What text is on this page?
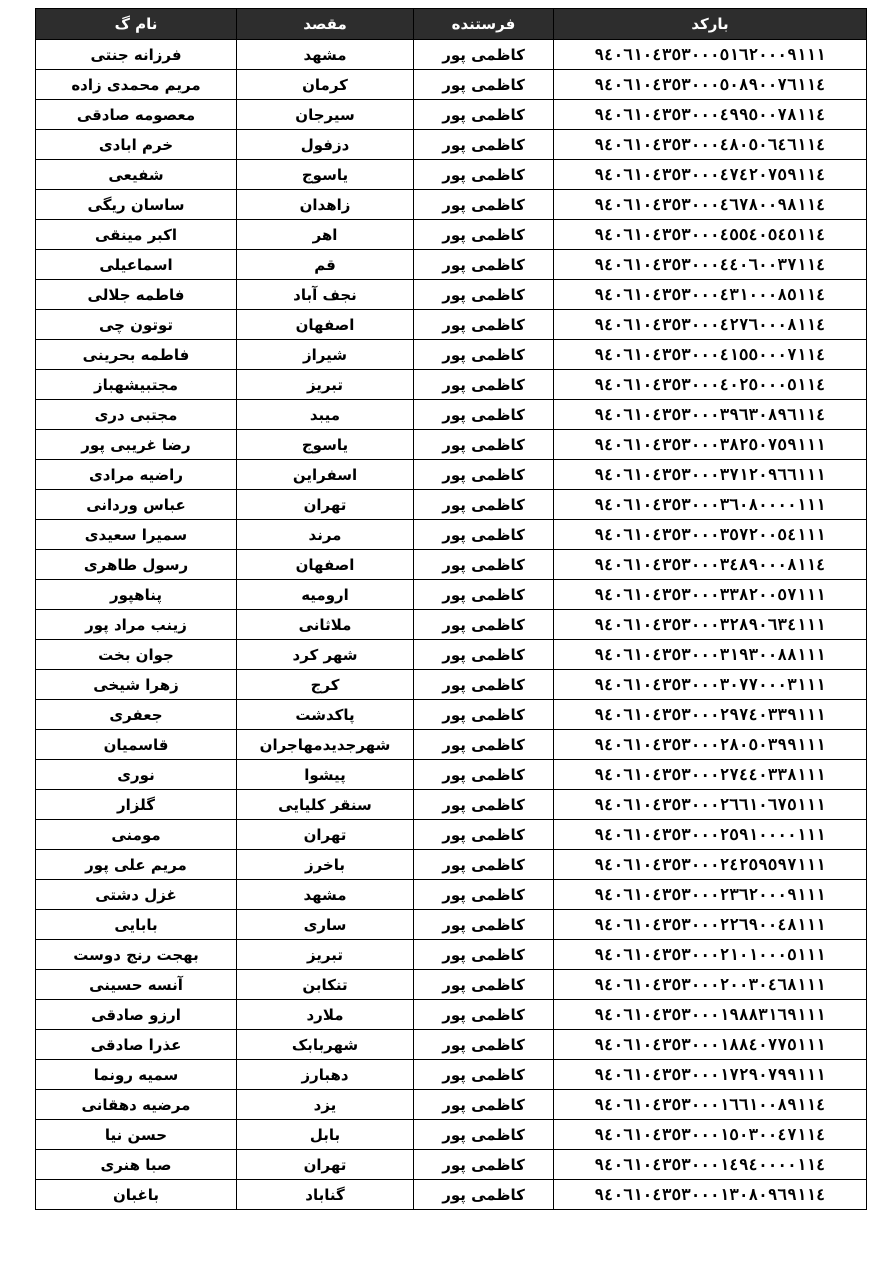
بارکد	فرستنده	مقصد	نام گ
۹٤۰٦۱۰٤۳٥۳۰۰۰٥۱٦۲۰۰۰۹۱۱۱	کاظمی پور	مشهد	فرزانه جنتی
۹٤۰٦۱۰٤۳٥۳۰۰۰٥۰۸۹۰۰۷٦۱۱٤	کاظمی پور	کرمان	مریم محمدی زاده
۹٤۰٦۱۰٤۳٥۳۰۰۰٤۹۹٥۰۰۷۸۱۱٤	کاظمی پور	سیرجان	معصومه صادقی
۹٤۰٦۱۰٤۳٥۳۰۰۰٤۸۰٥۰٦٤٦۱۱٤	کاظمی پور	دزفول	خرم ابادی
۹٤۰٦۱۰٤۳٥۳۰۰۰٤۷٤۲۰۷٥۹۱۱٤	کاظمی پور	یاسوج	شفیعی
۹٤۰٦۱۰٤۳٥۳۰۰۰٤٦۷۸۰۰۹۸۱۱٤	کاظمی پور	زاهدان	ساسان ریگی
۹٤۰٦۱۰٤۳٥۳۰۰۰٤٥٥٤۰٥٤٥۱۱٤	کاظمی پور	اهر	اکبر مینقی
۹٤۰٦۱۰٤۳٥۳۰۰۰٤٤۰٦۰۰۳۷۱۱٤	کاظمی پور	قم	اسماعیلی
۹٤۰٦۱۰٤۳٥۳۰۰۰٤۳۱۰۰۰۸٥۱۱٤	کاظمی پور	نجف آباد	فاطمه جلالی
۹٤۰٦۱۰٤۳٥۳۰۰۰٤۲۷٦۰۰۰۸۱۱٤	کاظمی پور	اصفهان	توتون چی
۹٤۰٦۱۰٤۳٥۳۰۰۰٤۱٥٥۰۰۰۷۱۱٤	کاظمی پور	شیراز	فاطمه بحرینی
۹٤۰٦۱۰٤۳٥۳۰۰۰٤۰۲٥۰۰۰٥۱۱٤	کاظمی پور	تبریز	مجتبیشهباز
۹٤۰٦۱۰٤۳٥۳۰۰۰۳۹٦۳۰۸۹٦۱۱٤	کاظمی پور	میبد	مجتبی دری
۹٤۰٦۱۰٤۳٥۳۰۰۰۳۸۲٥۰۷٥۹۱۱۱	کاظمی پور	یاسوج	رضا غریبی پور
۹٤۰٦۱۰٤۳٥۳۰۰۰۳۷۱۲۰۹٦٦۱۱۱	کاظمی پور	اسفراین	راضیه مرادی
۹٤۰٦۱۰٤۳٥۳۰۰۰۳٦۰۸۰۰۰۰۱۱۱	کاظمی پور	تهران	عباس وردانی
۹٤۰٦۱۰٤۳٥۳۰۰۰۳٥۷۲۰۰٥٤۱۱۱	کاظمی پور	مرند	سمیرا سعیدی
۹٤۰٦۱۰٤۳٥۳۰۰۰۳٤۸۹۰۰۰۸۱۱٤	کاظمی پور	اصفهان	رسول طاهری
۹٤۰٦۱۰٤۳٥۳۰۰۰۳۳۸۲۰۰٥۷۱۱۱	کاظمی پور	ارومیه	پناهپور
۹٤۰٦۱۰٤۳٥۳۰۰۰۳۲۸۹۰٦۳٤۱۱۱	کاظمی پور	ملاثانی	زینب مراد پور
۹٤۰٦۱۰٤۳٥۳۰۰۰۳۱۹۳۰۰۸۸۱۱۱	کاظمی پور	شهر کرد	جوان بخت
۹٤۰٦۱۰٤۳٥۳۰۰۰۳۰۷۷۰۰۰۳۱۱۱	کاظمی پور	کرج	زهرا شیخی
۹٤۰٦۱۰٤۳٥۳۰۰۰۲۹۷٤۰۳۳۹۱۱۱	کاظمی پور	پاکدشت	جعفری
۹٤۰٦۱۰٤۳٥۳۰۰۰۲۸۰٥۰۳۹۹۱۱۱	کاظمی پور	شهرجدیدمهاجران	قاسمیان
۹٤۰٦۱۰٤۳٥۳۰۰۰۲۷٤٤۰۳۳۸۱۱۱	کاظمی پور	پیشوا	نوری
۹٤۰٦۱۰٤۳٥۳۰۰۰۲٦٦۱۰٦۷٥۱۱۱	کاظمی پور	سنقر کلیایی	گلزار
۹٤۰٦۱۰٤۳٥۳۰۰۰۲٥۹۱۰۰۰۰۱۱۱	کاظمی پور	تهران	مومنی
۹٤۰٦۱۰٤۳٥۳۰۰۰۲٤۲٥۹٥۹۷۱۱۱	کاظمی پور	باخرز	مریم علی پور
۹٤۰٦۱۰٤۳٥۳۰۰۰۲۳٦۲۰۰۰۹۱۱۱	کاظمی پور	مشهد	غزل دشتی
۹٤۰٦۱۰٤۳٥۳۰۰۰۲۲٦۹۰۰٤۸۱۱۱	کاظمی پور	ساری	بابایی
۹٤۰٦۱۰٤۳٥۳۰۰۰۲۱۰۱۰۰۰٥۱۱۱	کاظمی پور	تبریز	بهجت رنج دوست
۹٤۰٦۱۰٤۳٥۳۰۰۰۲۰۰۳۰٤٦۸۱۱۱	کاظمی پور	تنکابن	آنسه حسینی
۹٤۰٦۱۰٤۳٥۳۰۰۰۱۹۸۸۳۱٦۹۱۱۱	کاظمی پور	ملارد	ارزو صادقی
۹٤۰٦۱۰٤۳٥۳۰۰۰۱۸۸٤۰۷۷٥۱۱۱	کاظمی پور	شهربابک	عذرا صادقی
۹٤۰٦۱۰٤۳٥۳۰۰۰۱۷۲۹۰۷۹۹۱۱۱	کاظمی پور	دهبارز	سمیه رونما
۹٤۰٦۱۰٤۳٥۳۰۰۰۱٦٦۱۰۰۸۹۱۱٤	کاظمی پور	یزد	مرضیه دهقانی
۹٤۰٦۱۰٤۳٥۳۰۰۰۱٥۰۳۰۰٤۷۱۱٤	کاظمی پور	بابل	حسن نیا
۹٤۰٦۱۰٤۳٥۳۰۰۰۱٤۹٤۰۰۰۰۱۱٤	کاظمی پور	تهران	صبا هنری
۹٤۰٦۱۰٤۳٥۳۰۰۰۱۳۰۸۰۹٦۹۱۱٤	کاظمی پور	گناباد	باغبان
